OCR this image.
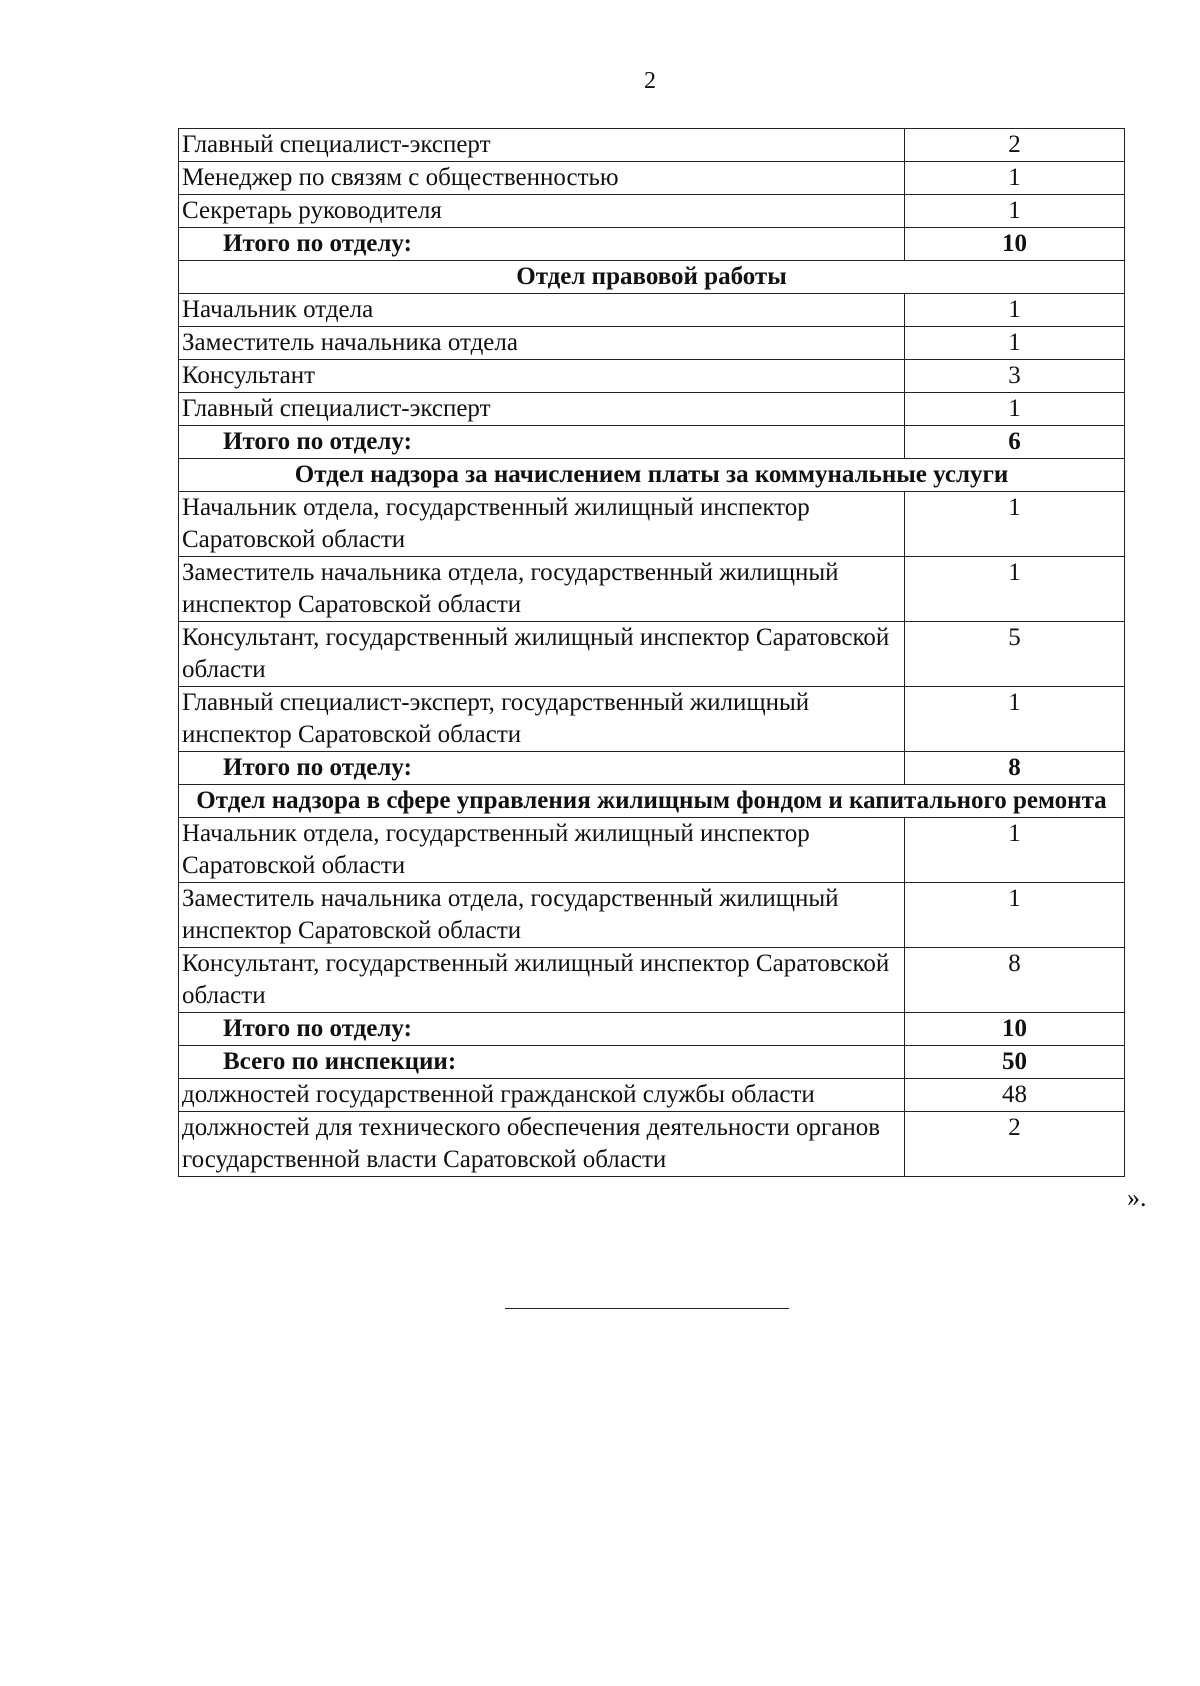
2
Главный специалист-эксперт	2
Менеджер по связям с общественностью	1
Секретарь руководителя	1
Итого по отделу:	10
Отдел правовой работы	
Начальник отдела	1
Заместитель начальника отдела	1
Консультант	3
Главный специалист-эксперт	1
Итого по отделу:	6
Отдел надзора за начислением платы за коммунальные услуги	
Начальник отдела, государственный жилищный инспектор Саратовской области	1
Заместитель начальника отдела, государственный жилищный инспектор Саратовской области	1
Консультант, государственный жилищный инспектор Саратовской области	5
Главный специалист-эксперт, государственный жилищный инспектор Саратовской области	1
Итого по отделу:	8
Отдел надзора в сфере управления жилищным фондом и капитального ремонта	
Начальник отдела, государственный жилищный инспектор Саратовской области	1
Заместитель начальника отдела, государственный жилищный инспектор Саратовской области	1
Консультант, государственный жилищный инспектор Саратовской области	8
Итого по отделу:	10
Всего по инспекции:	50
должностей государственной гражданской службы области	48
должностей для технического обеспечения деятельности органов государственной власти Саратовской области	2
».
